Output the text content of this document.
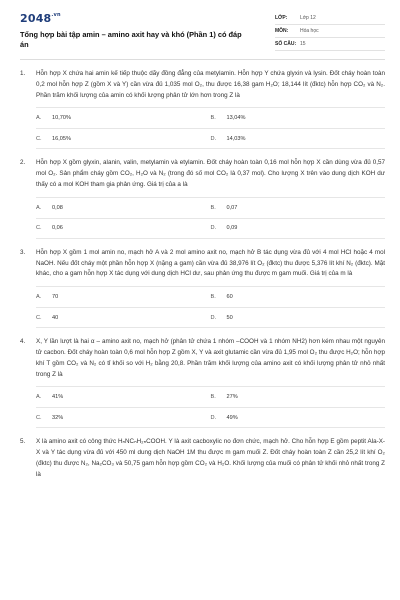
$2048^{.vn}$
Tổng hợp bài tập amin – amino axit hay và khó (Phần 1) có đáp án
LỚP:	Lớp 12
MÔN:	Hóa học
SỐ CÂU: 15
1.	Hỗn hợp X chứa hai amin kế tiếp thuộc dãy đồng đẳng của metylamin. Hỗn hợp Y chứa glyxin và lysin. Đốt cháy hoàn toàn 0,2 mol hỗn hợp Z (gồm X và Y) cần vừa đủ 1,035 mol O₂, thu được 16,38 gam H₂O; 18,144 lít (đktc) hỗn hợp CO₂ và N₂. Phần trăm khối lượng của amin có khối lượng phân tử lớn hơn trong Z là
A.	10,70%	B.	13,04%
C.	16,05%	D.	14,03%
2.	Hỗn hợp X gồm glyxin, alanin, valin, metylamin và etylamin. Đốt cháy hoàn toàn 0,16 mol hỗn hợp X cần dùng vừa đủ 0,57 mol O₂. Sản phẩm cháy gồm CO₂, H₂O và N₂ (trong đó số mol CO₂ là 0,37 mol). Cho lượng X trên vào dung dịch KOH dư thấy có a mol KOH tham gia phản ứng. Giá trị của a là
A.	0,08	B.	0,07
C.	0,06	D.	0,09
3.	Hỗn hợp X gồm 1 mol amin no, mạch hở A và 2 mol amino axit no, mạch hở B tác dụng vừa đủ với 4 mol HCl hoặc 4 mol NaOH. Nếu đốt cháy một phần hỗn hợp X (nặng a gam) cần vừa đủ 38,976 lít O₂ (đktc) thu được 5,376 lít khí N₂ (đktc). Mặt khác, cho a gam hỗn hợp X tác dụng với dung dịch HCl dư, sau phản ứng thu được m gam muối. Giá trị của m là
A.	70	B.	60
C.	40	D.	50
4.	X, Y lần lượt là hai α – amino axit no, mạch hở (phân tử chứa 1 nhóm –COOH và 1 nhóm NH2) hơn kém nhau một nguyên tử cacbon. Đốt cháy hoàn toàn 0,6 mol hỗn hợp Z gồm X, Y và axit glutamic cần vừa đủ 1,95 mol O₂ thu được H₂O; hỗn hợp khí T gồm CO₂ và N₂ có tỉ khối so với H₂ bằng 20,8. Phần trăm khối lượng của amino axit có khối lượng phân tử nhỏ nhất trong Z là
A.	41%	B.	27%
C.	32%	D.	49%
5.	X là amino axit có công thức HₙNCₙH₂ₙCOOH. Y là axit cacboxylic no đơn chức, mạch hở. Cho hỗn hợp E gồm peptit Ala-X-X và Y tác dụng vừa đủ với 450 ml dung dịch NaOH 1M thu được m gam muối Z. Đốt cháy hoàn toàn Z cần 25,2 lít khí O₂ (đktc) thu được N₂, Na₂CO₃ và 50,75 gam hỗn hợp gồm CO₂ và H₂O. Khối lượng của muối có phân tử khối nhỏ nhất trong Z là
